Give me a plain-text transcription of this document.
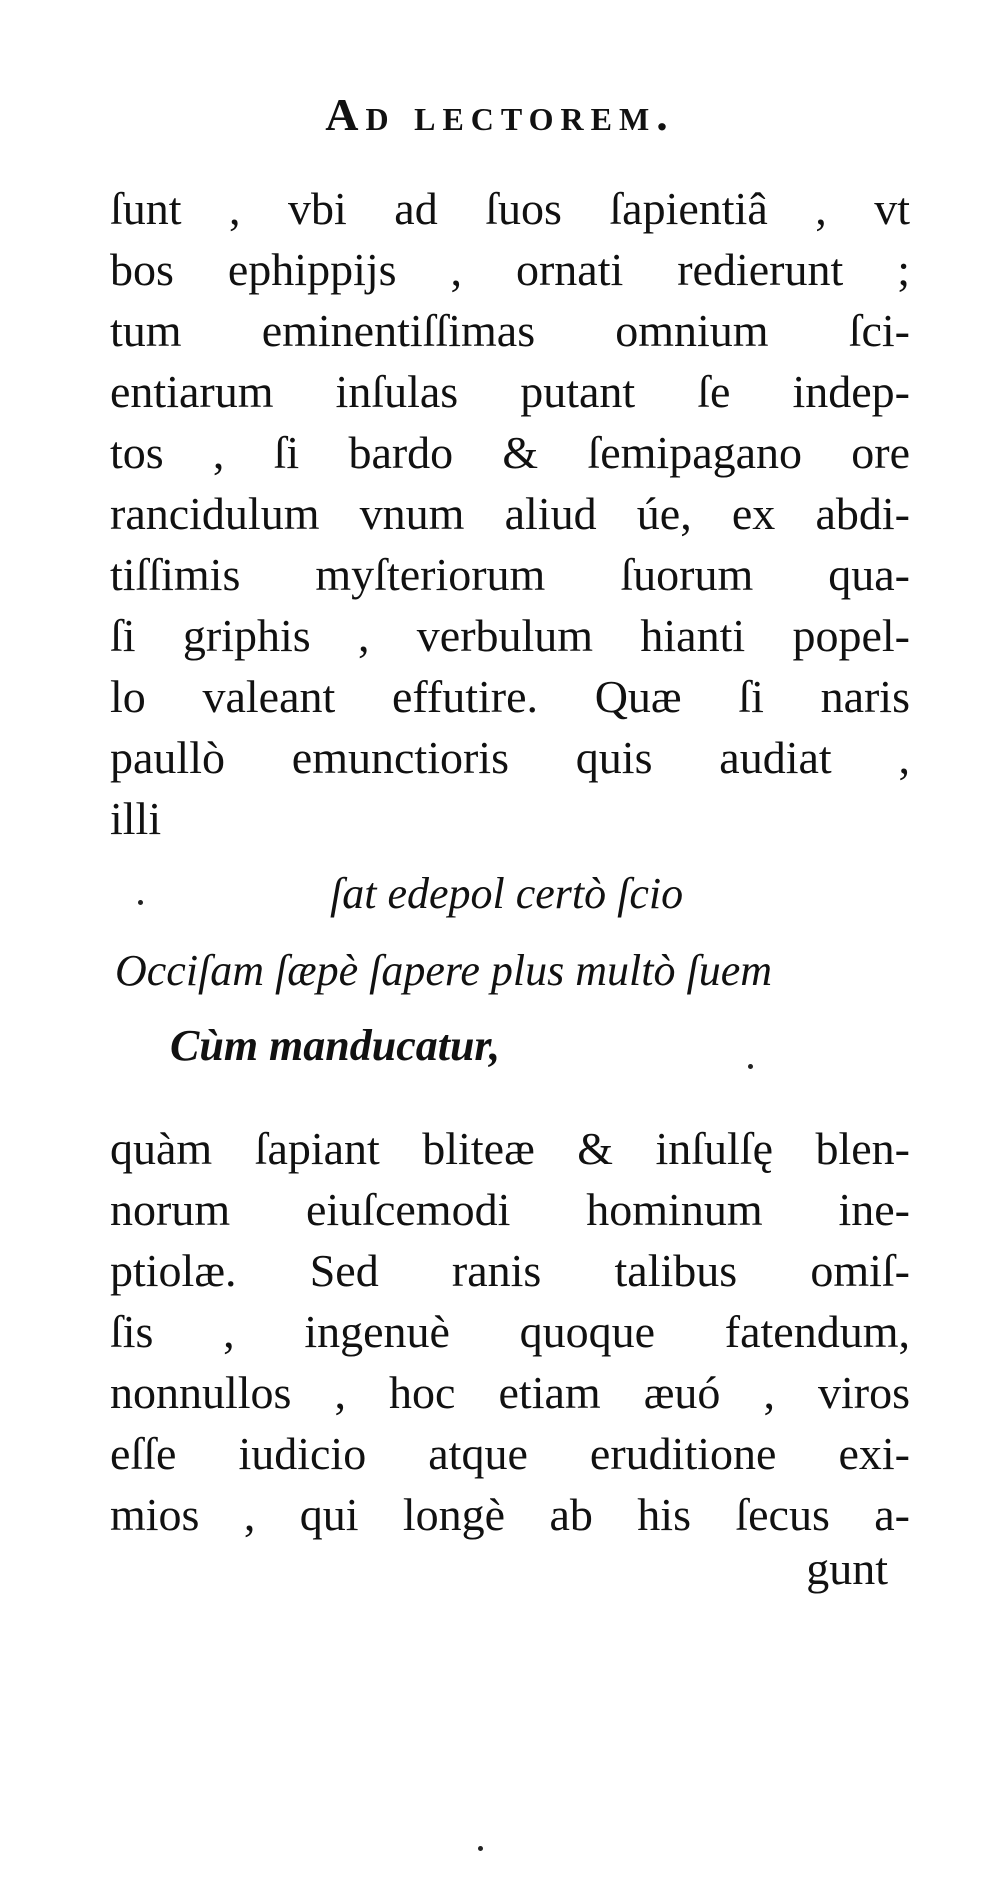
Ad lectorem.
ſunt , vbi ad ſuos ſapientiâ , vt
bos ephippijs , ornati redierunt ;
tum eminentiſſimas omnium ſci-
entiarum inſulas putant ſe indep-
tos , ſi bardo & ſemipagano ore
rancidulum vnum aliud úe, ex abdi-
tiſſimis myſteriorum ſuorum qua-
ſi griphis , verbulum hianti popel-
lo valeant effutire. Quæ ſi naris
paullò emunctioris quis audiat ,
illi
ſat edepol certò ſcio
Occiſam ſæpè ſapere plus multò ſuem
Cùm manducatur,
quàm ſapiant bliteæ & inſulſę blen-
norum eiuſcemodi hominum ine-
ptiolæ. Sed ranis talibus omiſ-
ſis , ingenuè quoque fatendum,
nonnullos , hoc etiam æuó , viros
eſſe iudicio atque eruditione exi-
mios , qui longè ab his ſecus a-
gunt
